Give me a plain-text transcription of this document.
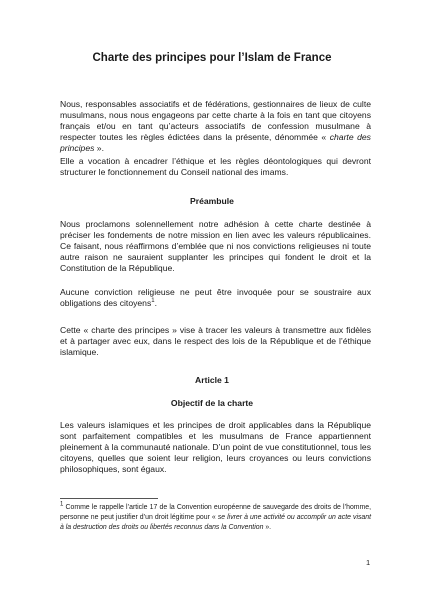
Charte des principes pour l’Islam de France

Nous, responsables associatifs et de fédérations, gestionnaires de lieux de culte musulmans, nous nous engageons par cette charte à la fois en tant que citoyens français et/ou en tant qu’acteurs associatifs de confession musulmane à respecter toutes les règles édictées dans la présente, dénommée « charte des principes ».

Elle a vocation à encadrer l’éthique et les règles déontologiques qui devront structurer le fonctionnement du Conseil national des imams.

Préambule

Nous proclamons solennellement notre adhésion à cette charte destinée à préciser les fondements de notre mission en lien avec les valeurs républicaines. Ce faisant, nous réaffirmons d’emblée que ni nos convictions religieuses ni toute autre raison ne sauraient supplanter les principes qui fondent le droit et la Constitution de la République.

Aucune conviction religieuse ne peut être invoquée pour se soustraire aux obligations des citoyens$^1$.

Cette « charte des principes » vise à tracer les valeurs à transmettre aux fidèles et à partager avec eux, dans le respect des lois de la République et de l’éthique islamique.

Article 1
Objectif de la charte

Les valeurs islamiques et les principes de droit applicables dans la République sont parfaitement compatibles et les musulmans de France appartiennent pleinement à la communauté nationale. D’un point de vue constitutionnel, tous les citoyens, quelles que soient leur religion, leurs croyances ou leurs convictions philosophiques, sont égaux.

$^1$ Comme le rappelle l’article 17 de la Convention européenne de sauvegarde des droits de l’homme, personne ne peut justifier d’un droit légitime pour « se livrer à une activité ou accomplir un acte visant à la destruction des droits ou libertés reconnus dans la Convention ».

1
